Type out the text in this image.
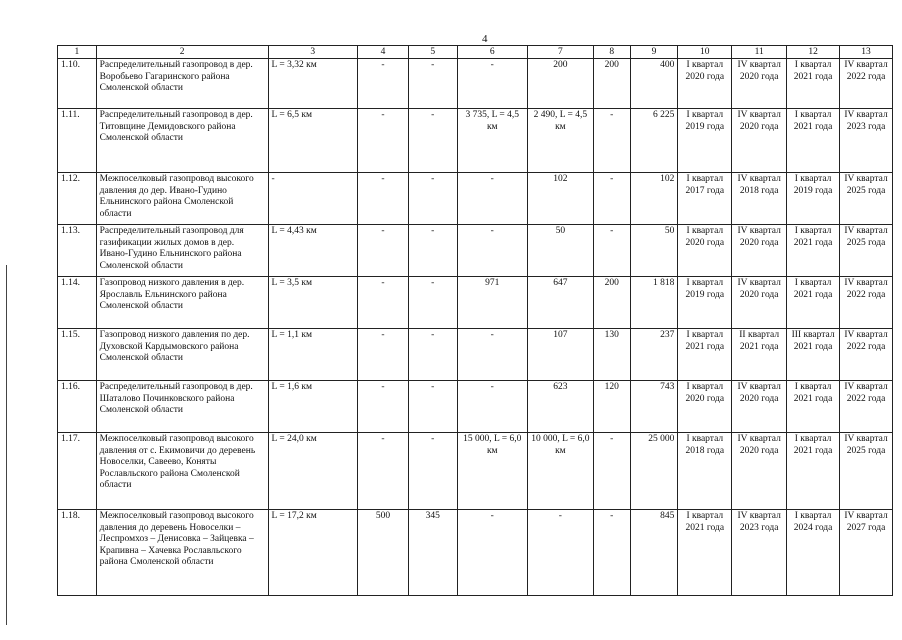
4
1	2	3	4	5	6	7	8	9	10	11	12	13
1.10.	Распределительный газопровод в дер. Воробьево Гагаринского района Смоленской области	L = 3,32 км	-	-	-	200	200	400	I квартал 2020 года	IV квартал 2020 года	I квартал 2021 года	IV квартал 2022 года
1.11.	Распределительный газопровод в дер. Титовщине Демидовского района Смоленской области	L = 6,5 км	-	-	3 735, L = 4,5 км	2 490, L = 4,5 км	-	6 225	I квартал 2019 года	IV квартал 2020 года	I квартал 2021 года	IV квартал 2023 года
1.12.	Межпоселковый газопровод высокого давления до дер. Ивано-Гудино Ельнинского района Смоленской области	-	-	-	-	102	-	102	I квартал 2017 года	IV квартал 2018 года	I квартал 2019 года	IV квартал 2025 года
1.13.	Распределительный газопровод для газификации жилых домов в дер. Ивано-Гудино Ельнинского района Смоленской области	L = 4,43 км	-	-	-	50	-	50	I квартал 2020 года	IV квартал 2020 года	I квартал 2021 года	IV квартал 2025 года
1.14.	Газопровод низкого давления в дер. Ярославль Ельнинского района Смоленской области	L = 3,5 км	-	-	971	647	200	1 818	I квартал 2019 года	IV квартал 2020 года	I квартал 2021 года	IV квартал 2022 года
1.15.	Газопровод низкого давления по дер. Духовской Кардымовского района Смоленской области	L = 1,1 км	-	-	-	107	130	237	I квартал 2021 года	II квартал 2021 года	III квартал 2021 года	IV квартал 2022 года
1.16.	Распределительный газопровод в дер. Шаталово Починковского района Смоленской области	L = 1,6 км	-	-	-	623	120	743	I квартал 2020 года	IV квартал 2020 года	I квартал 2021 года	IV квартал 2022 года
1.17.	Межпоселковый газопровод высокого давления от с. Екимовичи до деревень Новоселки, Савеево, Коняты Рославльского района Смоленской области	L = 24,0 км	-	-	15 000, L = 6,0 км	10 000, L = 6,0 км	-	25 000	I квартал 2018 года	IV квартал 2020 года	I квартал 2021 года	IV квартал 2025 года
1.18.	Межпоселковый газопровод высокого давления до деревень Новоселки – Леспромхоз – Денисовка – Зайцевка – Крапивна – Хачевка Рославльского района Смоленской области	L = 17,2 км	500	345	-	-	-	845	I квартал 2021 года	IV квартал 2023 года	I квартал 2024 года	IV квартал 2027 года
